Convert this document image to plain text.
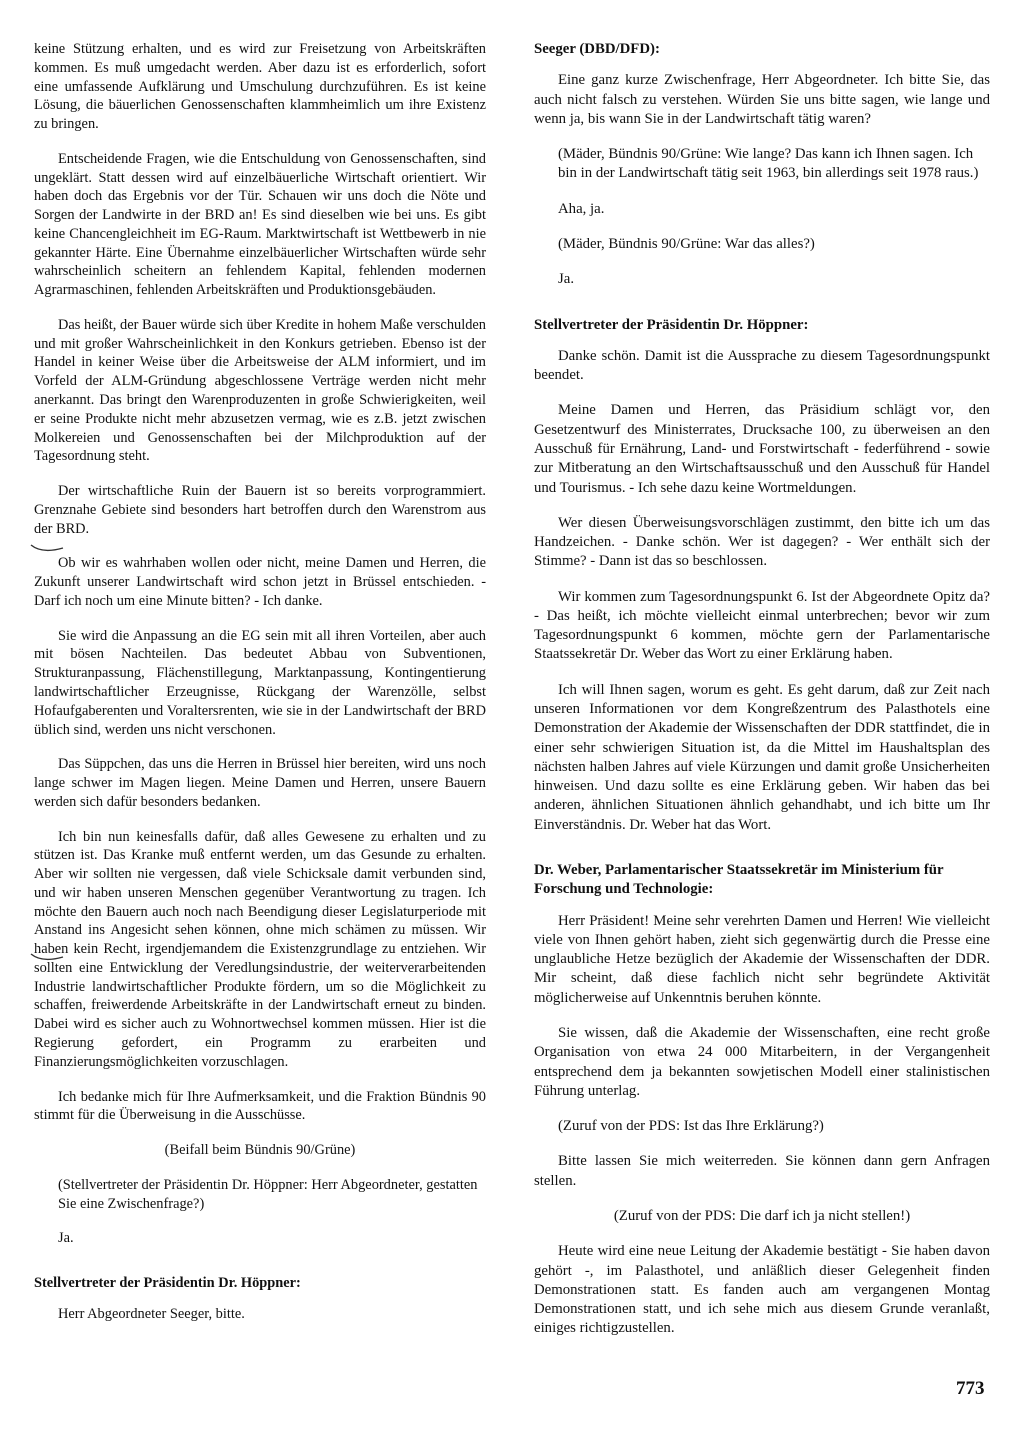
keine Stützung erhalten, und es wird zur Freisetzung von Arbeitskräften kommen. Es muß umgedacht werden. Aber dazu ist es erforderlich, sofort eine umfassende Aufklärung und Umschulung durchzuführen. Es ist keine Lösung, die bäuerlichen Genossenschaften klammheimlich um ihre Existenz zu bringen.

Entscheidende Fragen, wie die Entschuldung von Genossenschaften, sind ungeklärt. Statt dessen wird auf einzelbäuerliche Wirtschaft orientiert. Wir haben doch das Ergebnis vor der Tür. Schauen wir uns doch die Nöte und Sorgen der Landwirte in der BRD an! Es sind dieselben wie bei uns. Es gibt keine Chancengleichheit im EG-Raum. Marktwirtschaft ist Wettbewerb in nie gekannter Härte. Eine Übernahme einzelbäuerlicher Wirtschaften würde sehr wahrscheinlich scheitern an fehlendem Kapital, fehlenden modernen Agrarmaschinen, fehlenden Arbeitskräften und Produktionsgebäuden.

Das heißt, der Bauer würde sich über Kredite in hohem Maße verschulden und mit großer Wahrscheinlichkeit in den Konkurs getrieben. Ebenso ist der Handel in keiner Weise über die Arbeitsweise der ALM informiert, und im Vorfeld der ALM-Gründung abgeschlossene Verträge werden nicht mehr anerkannt. Das bringt den Warenproduzenten in große Schwierigkeiten, weil er seine Produkte nicht mehr abzusetzen vermag, wie es z.B. jetzt zwischen Molkereien und Genossenschaften bei der Milchproduktion auf der Tagesordnung steht.

Der wirtschaftliche Ruin der Bauern ist so bereits vorprogrammiert. Grenznahe Gebiete sind besonders hart betroffen durch den Warenstrom aus der BRD.

Ob wir es wahrhaben wollen oder nicht, meine Damen und Herren, die Zukunft unserer Landwirtschaft wird schon jetzt in Brüssel entschieden. - Darf ich noch um eine Minute bitten? - Ich danke.

Sie wird die Anpassung an die EG sein mit all ihren Vorteilen, aber auch mit bösen Nachteilen. Das bedeutet Abbau von Subventionen, Strukturanpassung, Flächenstillegung, Marktanpassung, Kontingentierung landwirtschaftlicher Erzeugnisse, Rückgang der Warenzölle, selbst Hofaufgaberenten und Voraltersrenten, wie sie in der Landwirtschaft der BRD üblich sind, werden uns nicht verschonen.

Das Süppchen, das uns die Herren in Brüssel hier bereiten, wird uns noch lange schwer im Magen liegen. Meine Damen und Herren, unsere Bauern werden sich dafür besonders bedanken.

Ich bin nun keinesfalls dafür, daß alles Gewesene zu erhalten und zu stützen ist. Das Kranke muß entfernt werden, um das Gesunde zu erhalten. Aber wir sollten nie vergessen, daß viele Schicksale damit verbunden sind, und wir haben unseren Menschen gegenüber Verantwortung zu tragen. Ich möchte den Bauern auch noch nach Beendigung dieser Legislaturperiode mit Anstand ins Angesicht sehen können, ohne mich schämen zu müssen. Wir haben kein Recht, irgendjemandem die Existenzgrundlage zu entziehen. Wir sollten eine Entwicklung der Veredlungsindustrie, der weiterverarbeitenden Industrie landwirtschaftlicher Produkte fördern, um so die Möglichkeit zu schaffen, freiwerdende Arbeitskräfte in der Landwirtschaft erneut zu binden. Dabei wird es sicher auch zu Wohnortwechsel kommen müssen. Hier ist die Regierung gefordert, ein Programm zu erarbeiten und Finanzierungsmöglichkeiten vorzuschlagen.

Ich bedanke mich für Ihre Aufmerksamkeit, und die Fraktion Bündnis 90 stimmt für die Überweisung in die Ausschüsse.

(Beifall beim Bündnis 90/Grüne)

(Stellvertreter der Präsidentin Dr. Höppner: Herr Abgeordneter, gestatten Sie eine Zwischenfrage?)

Ja.

Stellvertreter der Präsidentin Dr. Höppner:

Herr Abgeordneter Seeger, bitte.

Seeger (DBD/DFD):

Eine ganz kurze Zwischenfrage, Herr Abgeordneter. Ich bitte Sie, das auch nicht falsch zu verstehen. Würden Sie uns bitte sagen, wie lange und wenn ja, bis wann Sie in der Landwirtschaft tätig waren?

(Mäder, Bündnis 90/Grüne: Wie lange? Das kann ich Ihnen sagen. Ich bin in der Landwirtschaft tätig seit 1963, bin allerdings seit 1978 raus.)

Aha, ja.

(Mäder, Bündnis 90/Grüne: War das alles?)

Ja.

Stellvertreter der Präsidentin Dr. Höppner:

Danke schön. Damit ist die Aussprache zu diesem Tagesordnungspunkt beendet.

Meine Damen und Herren, das Präsidium schlägt vor, den Gesetzentwurf des Ministerrates, Drucksache 100, zu überweisen an den Ausschuß für Ernährung, Land- und Forstwirtschaft - federführend - sowie zur Mitberatung an den Wirtschaftsausschuß und den Ausschuß für Handel und Tourismus. - Ich sehe dazu keine Wortmeldungen.

Wer diesen Überweisungsvorschlägen zustimmt, den bitte ich um das Handzeichen. - Danke schön. Wer ist dagegen? - Wer enthält sich der Stimme? - Dann ist das so beschlossen.

Wir kommen zum Tagesordnungspunkt 6. Ist der Abgeordnete Opitz da? - Das heißt, ich möchte vielleicht einmal unterbrechen; bevor wir zum Tagesordnungspunkt 6 kommen, möchte gern der Parlamentarische Staatssekretär Dr. Weber das Wort zu einer Erklärung haben.

Ich will Ihnen sagen, worum es geht. Es geht darum, daß zur Zeit nach unseren Informationen vor dem Kongreßzentrum des Palasthotels eine Demonstration der Akademie der Wissenschaften der DDR stattfindet, die in einer sehr schwierigen Situation ist, da die Mittel im Haushaltsplan des nächsten halben Jahres auf viele Kürzungen und damit große Unsicherheiten hinweisen. Und dazu sollte es eine Erklärung geben. Wir haben das bei anderen, ähnlichen Situationen ähnlich gehandhabt, und ich bitte um Ihr Einverständnis. Dr. Weber hat das Wort.

Dr. Weber, Parlamentarischer Staatssekretär im Ministerium für Forschung und Technologie:

Herr Präsident! Meine sehr verehrten Damen und Herren! Wie vielleicht viele von Ihnen gehört haben, zieht sich gegenwärtig durch die Presse eine unglaubliche Hetze bezüglich der Akademie der Wissenschaften der DDR. Mir scheint, daß diese fachlich nicht sehr begründete Aktivität möglicherweise auf Unkenntnis beruhen könnte.

Sie wissen, daß die Akademie der Wissenschaften, eine recht große Organisation von etwa 24 000 Mitarbeitern, in der Vergangenheit entsprechend dem ja bekannten sowjetischen Modell einer stalinistischen Führung unterlag.

(Zuruf von der PDS: Ist das Ihre Erklärung?)

Bitte lassen Sie mich weiterreden. Sie können dann gern Anfragen stellen.

(Zuruf von der PDS: Die darf ich ja nicht stellen!)

Heute wird eine neue Leitung der Akademie bestätigt - Sie haben davon gehört -, im Palasthotel, und anläßlich dieser Gelegenheit finden Demonstrationen statt. Es fanden auch am vergangenen Montag Demonstrationen statt, und ich sehe mich aus diesem Grunde veranlaßt, einiges richtigzustellen.

773
